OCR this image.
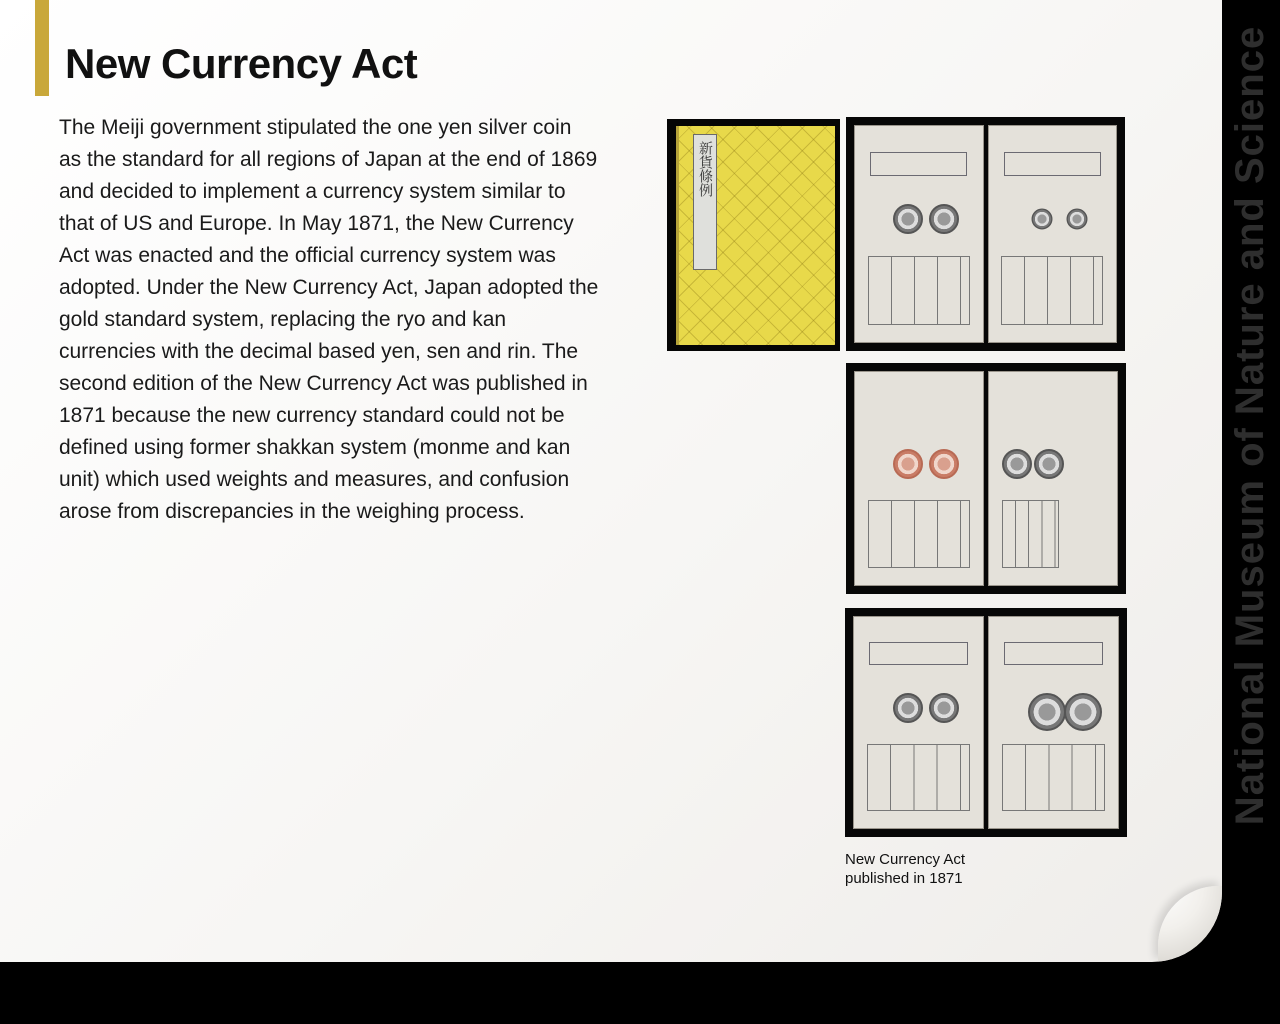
New Currency Act

The Meiji government stipulated the one yen silver coin as the standard for all regions of Japan at the end of 1869 and decided to implement a currency system similar to that of US and Europe. In May 1871, the New Currency Act was enacted and the official currency system was adopted. Under the New Currency Act, Japan adopted the gold standard system, replacing the ryo and kan currencies with the decimal based yen, sen and rin. The second edition of the New Currency Act was published in 1871 because the new currency standard could not be defined using former shakkan system (monme and kan unit) which used weights and measures, and confusion arose from discrepancies in the weighing process.

新貨條例

New Currency Act
published in 1871

National Museum of Nature and Science
